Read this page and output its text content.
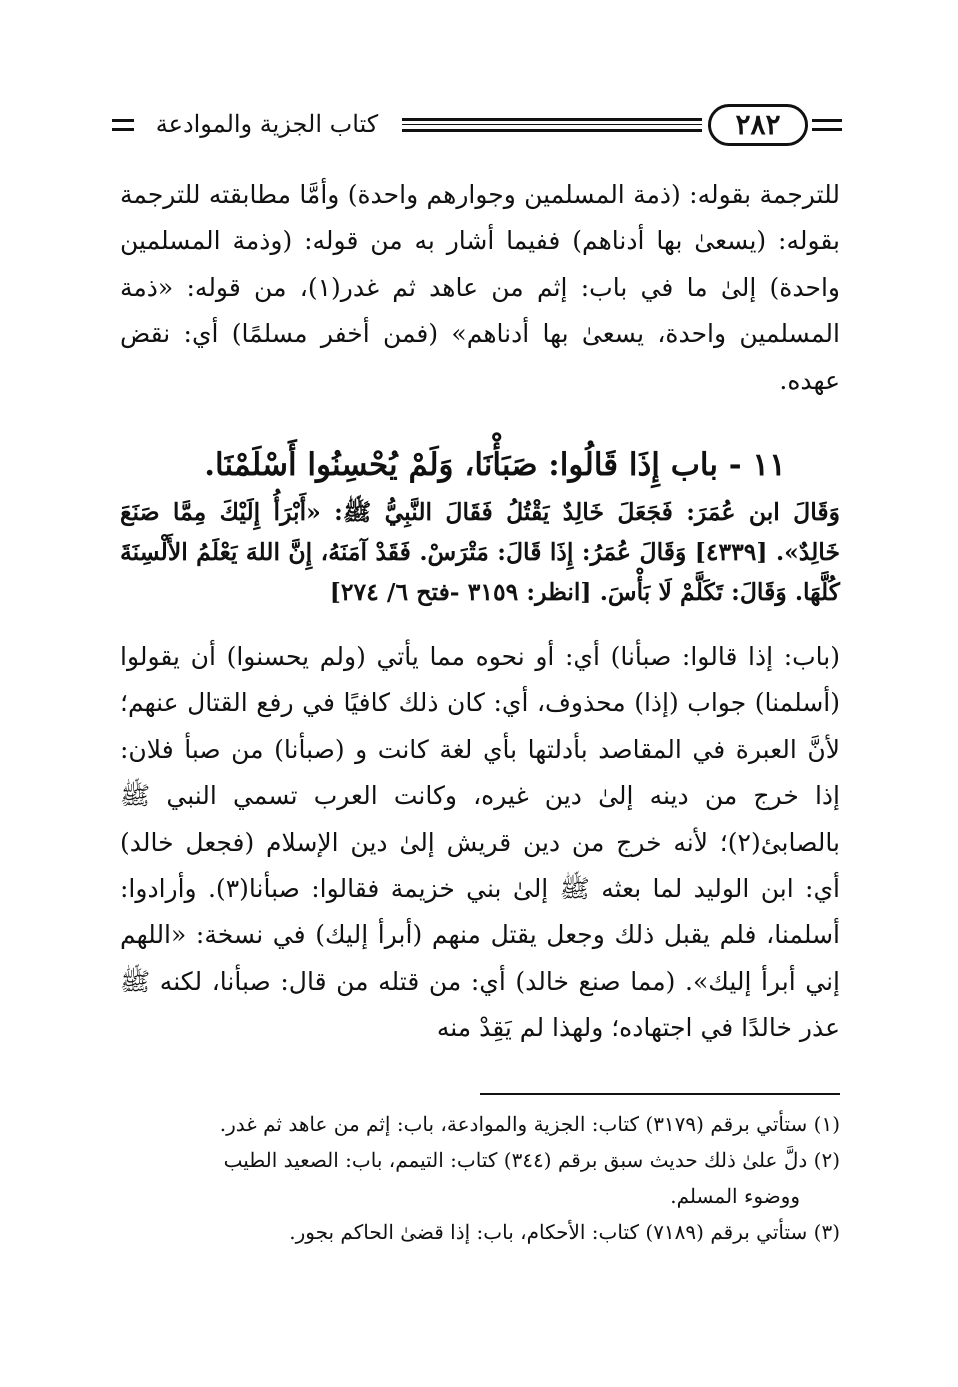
كتاب الجزية والموادعة	٢٨٢

للترجمة بقوله: (ذمة المسلمين وجوارهم واحدة) وأمَّا مطابقته للترجمة بقوله: (يسعىٰ بها أدناهم) ففيما أشار به من قوله: (وذمة المسلمين واحدة) إلىٰ ما في باب: إثم من عاهد ثم غدر(١)، من قوله: «ذمة المسلمين واحدة، يسعىٰ بها أدناهم» (فمن أخفر مسلمًا) أي: نقض عهده.

١١ - باب إِذَا قَالُوا: صَبَأْنَا، وَلَمْ يُحْسِنُوا أَسْلَمْنَا.

وَقَالَ ابن عُمَرَ: فَجَعَلَ خَالِدٌ يَقْتُلُ فَقَالَ النَّبِيُّ ﷺ: «أَبْرَأُ إِلَيْكَ مِمَّا صَنَعَ خَالِدٌ». [٤٣٣٩] وَقَالَ عُمَرُ: إِذَا قَالَ: مَتْرَسْ. فَقَدْ آمَنَهُ، إِنَّ اللهَ يَعْلَمُ الأَلْسِنَةَ كُلَّهَا. وَقَالَ: تَكَلَّمْ لَا بَأْسَ. [انظر: ٣١٥٩ -فتح ٦/ ٢٧٤]

(باب: إذا قالوا: صبأنا) أي: أو نحوه مما يأتي (ولم يحسنوا) أن يقولوا (أسلمنا) جواب (إذا) محذوف، أي: كان ذلك كافيًا في رفع القتال عنهم؛ لأنَّ العبرة في المقاصد بأدلتها بأي لغة كانت و (صبأنا) من صبأ فلان: إذا خرج من دينه إلىٰ دين غيره، وكانت العرب تسمي النبي ﷺ بالصابئ(٢)؛ لأنه خرج من دين قريش إلىٰ دين الإسلام (فجعل خالد) أي: ابن الوليد لما بعثه ﷺ إلىٰ بني خزيمة فقالوا: صبأنا(٣). وأرادوا: أسلمنا، فلم يقبل ذلك وجعل يقتل منهم (أبرأ إليك) في نسخة: «اللهم إني أبرأ إليك». (مما صنع خالد) أي: من قتله من قال: صبأنا، لكنه ﷺ عذر خالدًا في اجتهاده؛ ولهذا لم يَقِدْ منه

(١) ستأتي برقم (٣١٧٩) كتاب: الجزية والموادعة، باب: إثم من عاهد ثم غدر.

(٢) دلَّ علىٰ ذلك حديث سبق برقم (٣٤٤) كتاب: التيمم، باب: الصعيد الطيب
ووضوء المسلم.

(٣) ستأتي برقم (٧١٨٩) كتاب: الأحكام، باب: إذا قضىٰ الحاكم بجور.
